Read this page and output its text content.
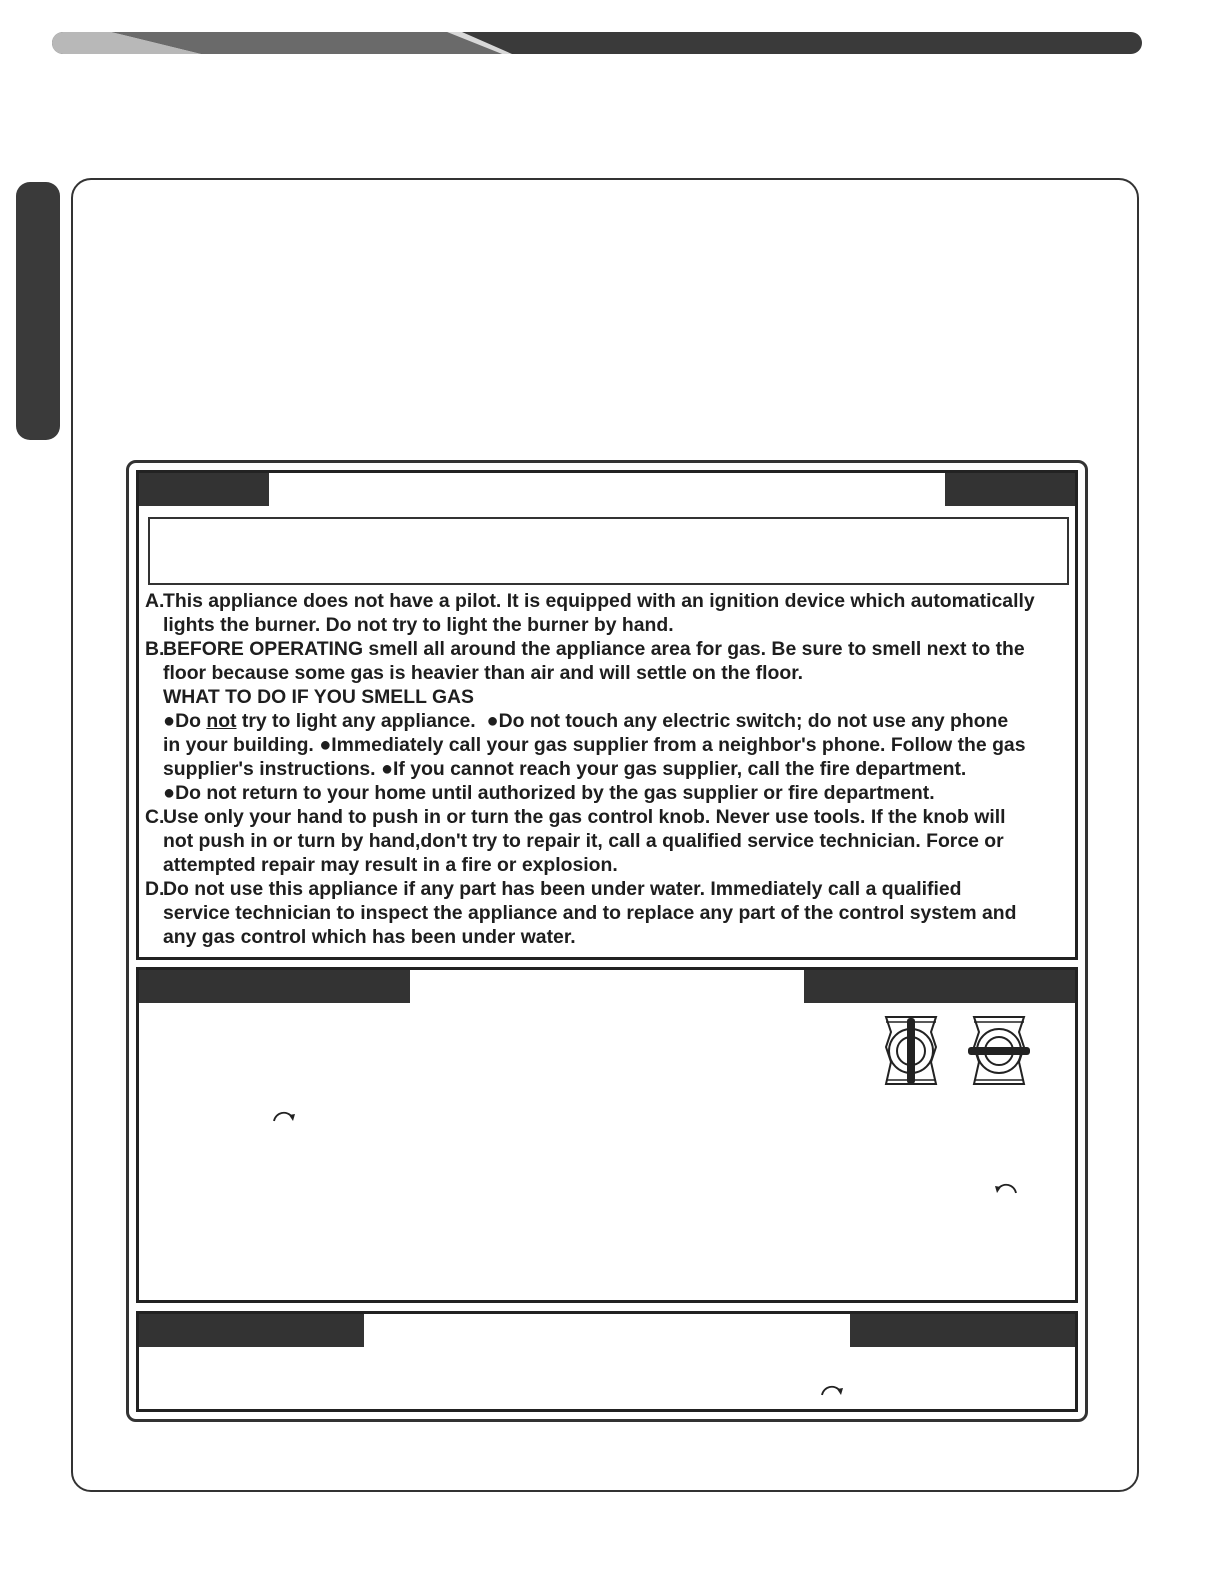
A.
This appliance does not have a pilot. It is equipped with an ignition device which automatically
lights the burner. Do not try to light the burner by hand.

B.
BEFORE OPERATING smell all around the appliance area for gas. Be sure to smell next to the
floor because some gas is heavier than air and will settle on the floor.
WHAT TO DO IF YOU SMELL GAS
●Do not try to light any appliance. ●Do not touch any electric switch; do not use any phone
in your building. ●Immediately call your gas supplier from a neighbor's phone. Follow the gas
supplier's instructions. ●If you cannot reach your gas supplier, call the fire department.
●Do not return to your home until authorized by the gas supplier or fire department.

C.
Use only your hand to push in or turn the gas control knob. Never use tools. If the knob will
not push in or turn by hand,don't try to repair it, call a qualified service technician. Force or
attempted repair may result in a fire or explosion.

D.
Do not use this appliance if any part has been under water. Immediately call a qualified
service technician to inspect the appliance and to replace any part of the control system and
any gas control which has been under water.
